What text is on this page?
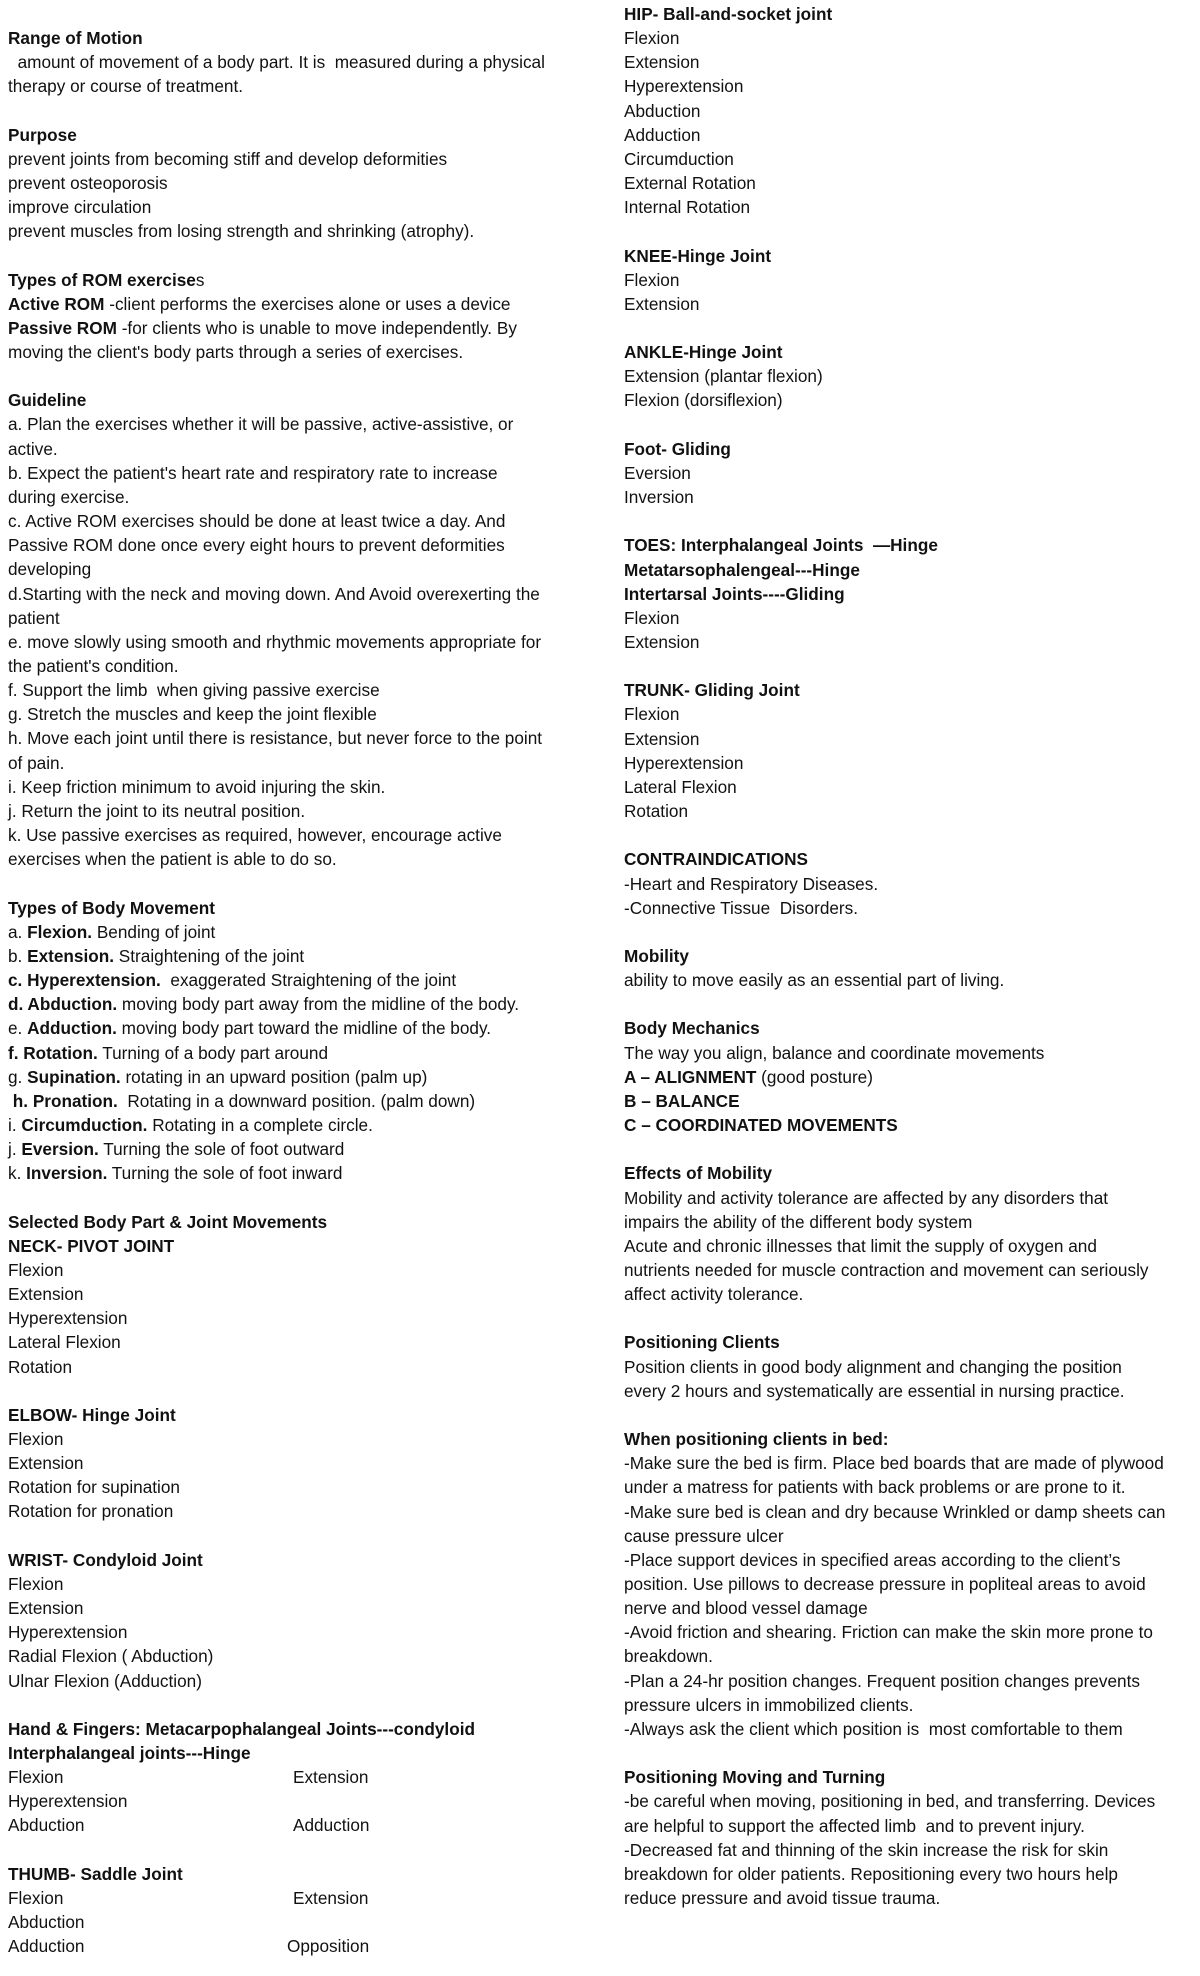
Range of Motion
amount of movement of a body part. It is  measured during a physical
therapy or course of treatment.
Purpose
prevent joints from becoming stiff and develop deformities
prevent osteoporosis
improve circulation
prevent muscles from losing strength and shrinking (atrophy).
Types of ROM exercises
Active ROM -client performs the exercises alone or uses a device
Passive ROM -for clients who is unable to move independently. By
moving the client's body parts through a series of exercises.
Guideline
a. Plan the exercises whether it will be passive, active-assistive, or
active.
b. Expect the patient's heart rate and respiratory rate to increase
during exercise.
c. Active ROM exercises should be done at least twice a day. And
Passive ROM done once every eight hours to prevent deformities
developing
d.Starting with the neck and moving down. And Avoid overexerting the
patient
e. move slowly using smooth and rhythmic movements appropriate for
the patient's condition.
f. Support the limb  when giving passive exercise
g. Stretch the muscles and keep the joint flexible
h. Move each joint until there is resistance, but never force to the point
of pain.
i. Keep friction minimum to avoid injuring the skin.
j. Return the joint to its neutral position.
k. Use passive exercises as required, however, encourage active
exercises when the patient is able to do so.
Types of Body Movement
a. Flexion. Bending of joint
b. Extension. Straightening of the joint
c. Hyperextension.  exaggerated Straightening of the joint
d. Abduction. moving body part away from the midline of the body.
e. Adduction. moving body part toward the midline of the body.
f. Rotation. Turning of a body part around
g. Supination. rotating in an upward position (palm up)
h. Pronation.  Rotating in a downward position. (palm down)
i. Circumduction. Rotating in a complete circle.
j. Eversion. Turning the sole of foot outward
k. Inversion. Turning the sole of foot inward
Selected Body Part & Joint Movements
NECK- PIVOT JOINT
Flexion
Extension
Hyperextension
Lateral Flexion
Rotation
ELBOW- Hinge Joint
Flexion
Extension
Rotation for supination
Rotation for pronation
WRIST- Condyloid Joint
Flexion
Extension
Hyperextension
Radial Flexion ( Abduction)
Ulnar Flexion (Adduction)
Hand & Fingers: Metacarpophalangeal Joints---condyloid
Interphalangeal joints---Hinge
Flexion	Extension
Hyperextension
Abduction	Adduction
THUMB- Saddle Joint
Flexion	Extension
Abduction
Adduction	Opposition
HIP- Ball-and-socket joint
Flexion
Extension
Hyperextension
Abduction
Adduction
Circumduction
External Rotation
Internal Rotation
KNEE-Hinge Joint
Flexion
Extension
ANKLE-Hinge Joint
Extension (plantar flexion)
Flexion (dorsiflexion)
Foot- Gliding
Eversion
Inversion
TOES: Interphalangeal Joints  —Hinge
Metatarsophalengeal---Hinge
Intertarsal Joints----Gliding
Flexion
Extension
TRUNK- Gliding Joint
Flexion
Extension
Hyperextension
Lateral Flexion
Rotation
CONTRAINDICATIONS
-Heart and Respiratory Diseases.
-Connective Tissue  Disorders.
Mobility
ability to move easily as an essential part of living.
Body Mechanics
The way you align, balance and coordinate movements
A – ALIGNMENT (good posture)
B – BALANCE
C – COORDINATED MOVEMENTS
Effects of Mobility
Mobility and activity tolerance are affected by any disorders that
impairs the ability of the different body system
Acute and chronic illnesses that limit the supply of oxygen and
nutrients needed for muscle contraction and movement can seriously
affect activity tolerance.
Positioning Clients
Position clients in good body alignment and changing the position
every 2 hours and systematically are essential in nursing practice.
When positioning clients in bed:
-Make sure the bed is firm. Place bed boards that are made of plywood
under a matress for patients with back problems or are prone to it.
-Make sure bed is clean and dry because Wrinkled or damp sheets can
cause pressure ulcer
-Place support devices in specified areas according to the client’s
position. Use pillows to decrease pressure in popliteal areas to avoid
nerve and blood vessel damage
-Avoid friction and shearing. Friction can make the skin more prone to
breakdown.
-Plan a 24-hr position changes. Frequent position changes prevents
pressure ulcers in immobilized clients.
-Always ask the client which position is  most comfortable to them
Positioning Moving and Turning
-be careful when moving, positioning in bed, and transferring. Devices
are helpful to support the affected limb  and to prevent injury.
-Decreased fat and thinning of the skin increase the risk for skin
breakdown for older patients. Repositioning every two hours help
reduce pressure and avoid tissue trauma.
